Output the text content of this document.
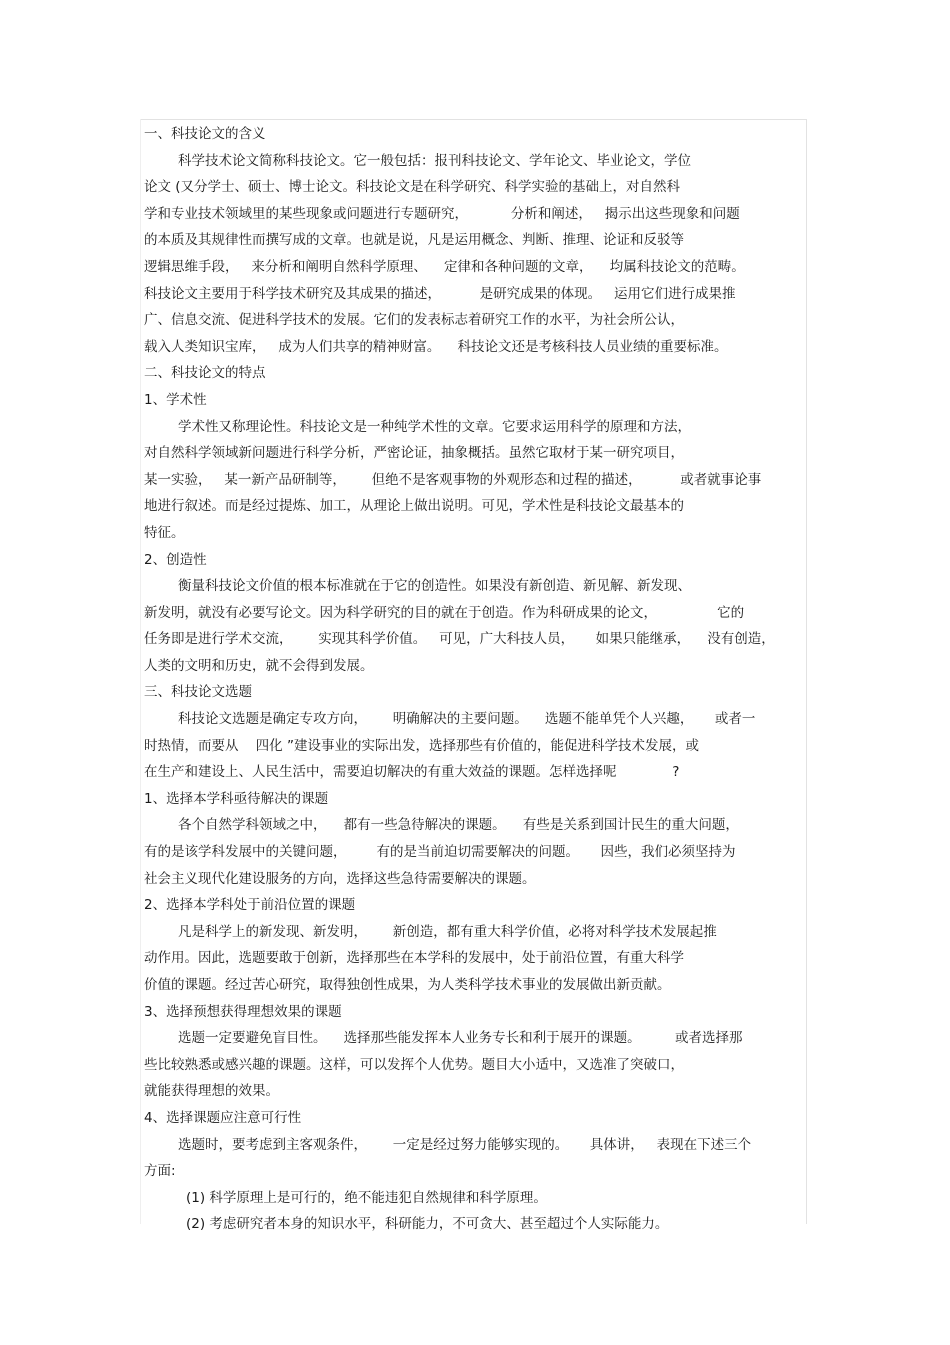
一、科技论文的含义
科学技术论文简称科技论文。它一般包括：报刊科技论文、学年论文、毕业论文，学位
论文 (又分学士、硕士、博士论文。科技论文是在科学研究、科学实验的基础上，对自然科
学和专业技术领域里的某些现象或问题进行专题研究，          分析和阐述，   揭示出这些现象和问题
的本质及其规律性而撰写成的文章。也就是说，凡是运用概念、判断、推理、论证和反驳等
逻辑思维手段，   来分析和阐明自然科学原理、    定律和各种问题的文章，    均属科技论文的范畴。
科技论文主要用于科学技术研究及其成果的描述，         是研究成果的体现。   运用它们进行成果推
广、信息交流、促进科学技术的发展。它们的发表标志着研究工作的水平，为社会所公认，
载入人类知识宝库，   成为人们共享的精神财富。    科技论文还是考核科技人员业绩的重要标准。
二、科技论文的特点
1、学术性
学术性又称理论性。科技论文是一种纯学术性的文章。它要求运用科学的原理和方法，
对自然科学领域新问题进行科学分析，严密论证，抽象概括。虽然它取材于某一研究项目，
某一实验，   某一新产品研制等，      但绝不是客观事物的外观形态和过程的描述，         或者就事论事
地进行叙述。而是经过提炼、加工，从理论上做出说明。可见，学术性是科技论文最基本的
特征。
2、创造性
衡量科技论文价值的根本标准就在于它的创造性。如果没有新创造、新见解、新发现、
新发明，就没有必要写论文。因为科学研究的目的就在于创造。作为科研成果的论文，              它的
任务即是进行学术交流，      实现其科学价值。   可见，广大科技人员，     如果只能继承，    没有创造，
人类的文明和历史，就不会得到发展。
三、科技论文选题
科技论文选题是确定专攻方向，      明确解决的主要问题。    选题不能单凭个人兴趣，     或者一
时热情，而要从    四化 ”建设事业的实际出发，选择那些有价值的，能促进科学技术发展，或
在生产和建设上、人民生活中，需要迫切解决的有重大效益的课题。怎样选择呢             ?
1、选择本学科亟待解决的课题
各个自然学科领域之中，    都有一些急待解决的课题。    有些是关系到国计民生的重大问题，
有的是该学科发展中的关键问题，       有的是当前迫切需要解决的问题。     因些，我们必须坚持为
社会主义现代化建设服务的方向，选择这些急待需要解决的课题。
2、选择本学科处于前沿位置的课题
凡是科学上的新发现、新发明，      新创造，都有重大科学价值，必将对科学技术发展起推
动作用。因此，选题要敢于创新，选择那些在本学科的发展中，处于前沿位置，有重大科学
价值的课题。经过苦心研究，取得独创性成果，为人类科学技术事业的发展做出新贡献。
3、选择预想获得理想效果的课题
选题一定要避免盲目性。    选择那些能发挥本人业务专长和利于展开的课题。        或者选择那
些比较熟悉或感兴趣的课题。这样，可以发挥个人优势。题目大小适中，又选准了突破口，
就能获得理想的效果。
4、选择课题应注意可行性
选题时，要考虑到主客观条件，      一定是经过努力能够实现的。     具体讲，   表现在下述三个
方面:
(1) 科学原理上是可行的，绝不能违犯自然规律和科学原理。
(2) 考虑研究者本身的知识水平，科研能力，不可贪大、甚至超过个人实际能力。
